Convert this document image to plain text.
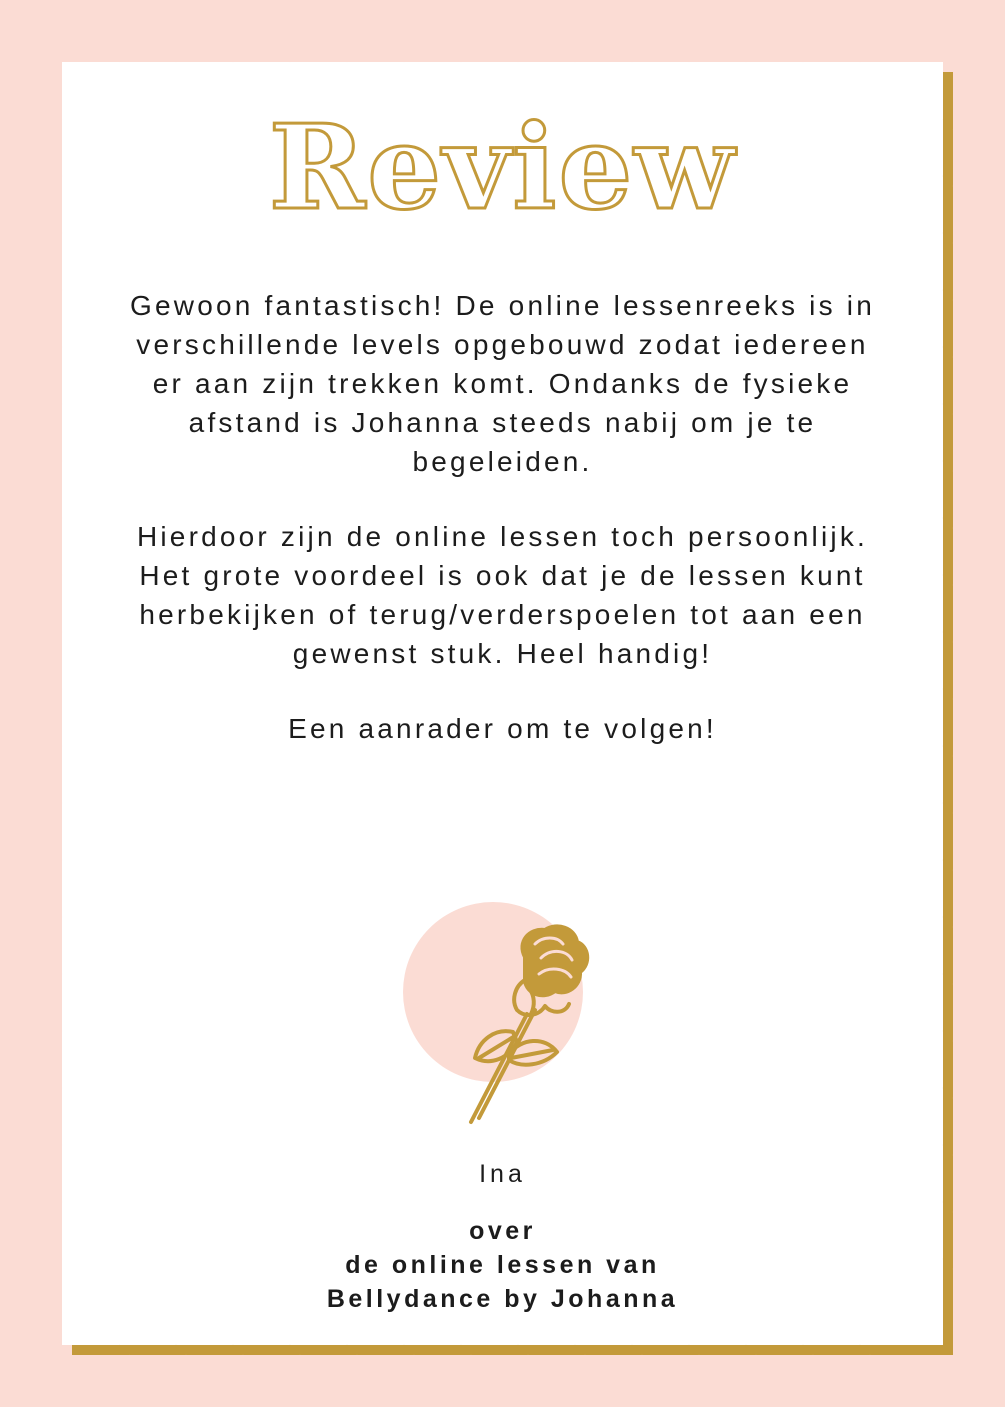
Review

Gewoon fantastisch! De online lessenreeks is in verschillende levels opgebouwd zodat iedereen er aan zijn trekken komt. Ondanks de fysieke afstand is Johanna steeds nabij om je te begeleiden.

Hierdoor zijn de online lessen toch persoonlijk. Het grote voordeel is ook dat je de lessen kunt herbekijken of terug/verderspoelen tot aan een gewenst stuk. Heel handig!

Een aanrader om te volgen!

Ina
over
de online lessen van
Bellydance by Johanna
